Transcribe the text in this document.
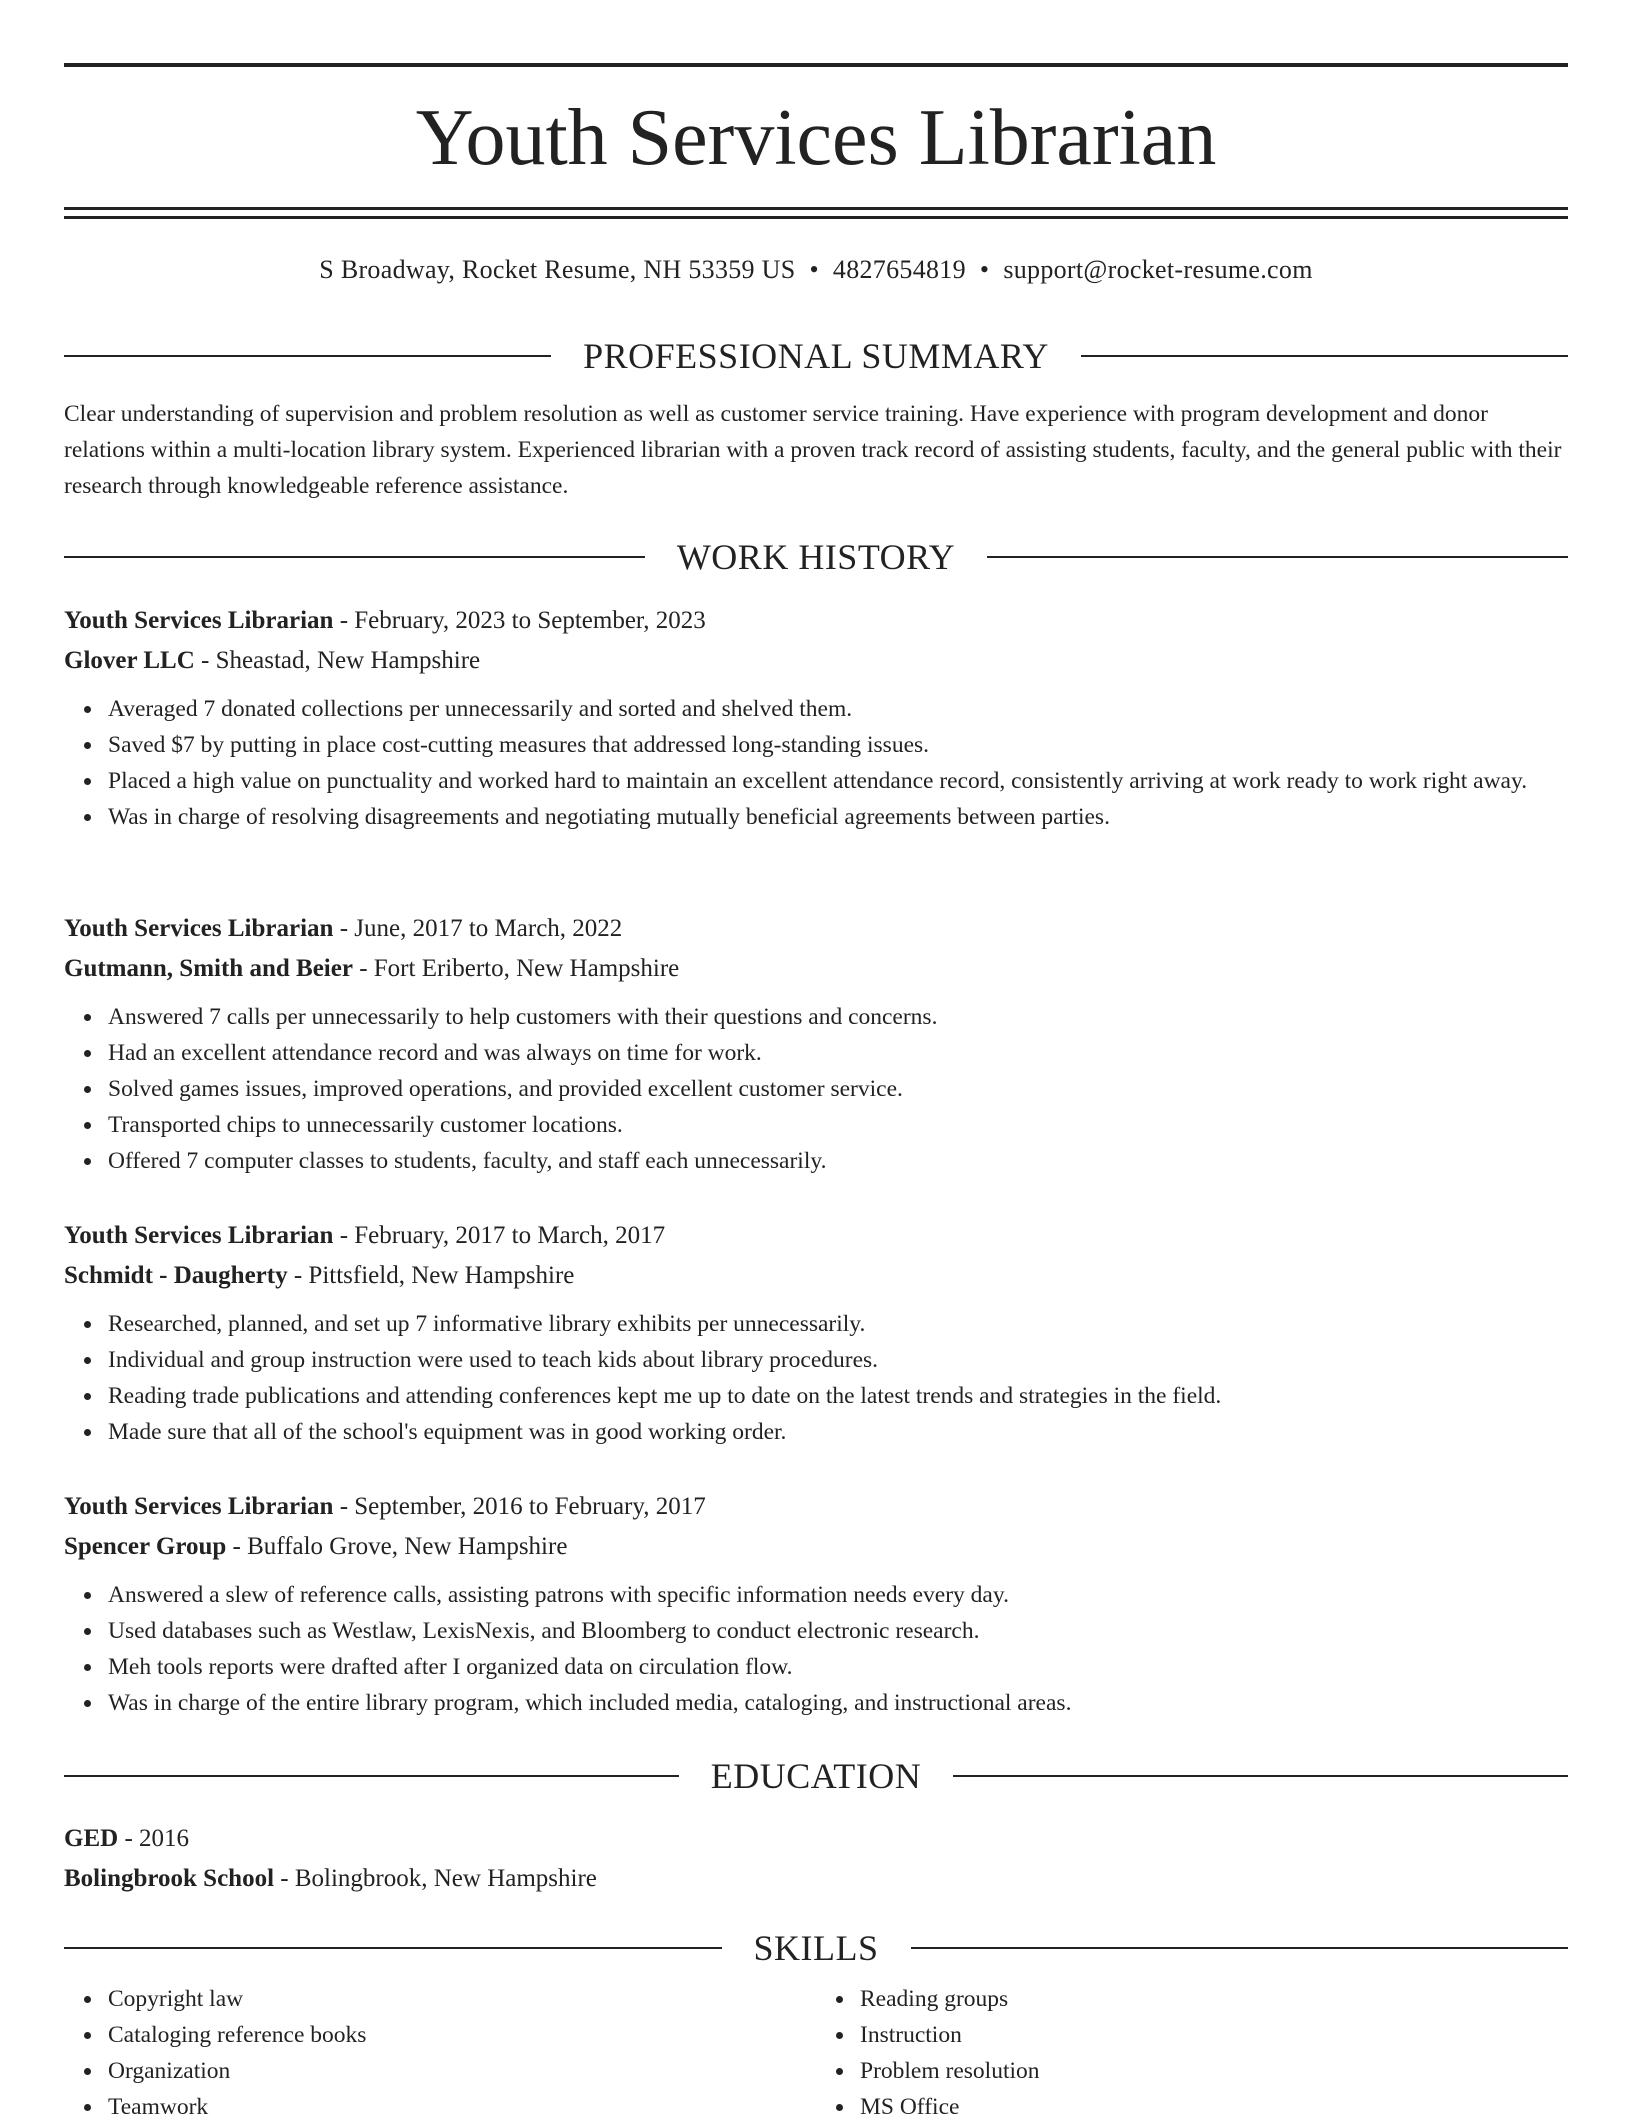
Youth Services Librarian
S Broadway, Rocket Resume, NH 53359 US • 4827654819 • support@rocket-resume.com
PROFESSIONAL SUMMARY

Clear understanding of supervision and problem resolution as well as customer service training. Have experience with program development and donor relations within a multi-location library system. Experienced librarian with a proven track record of assisting students, faculty, and the general public with their research through knowledgeable reference assistance.

WORK HISTORY
Youth Services Librarian - February, 2023 to September, 2023
Glover LLC - Sheastad, New Hampshire
Averaged 7 donated collections per unnecessarily and sorted and shelved them.
Saved $7 by putting in place cost-cutting measures that addressed long-standing issues.
Placed a high value on punctuality and worked hard to maintain an excellent attendance record, consistently arriving at work ready to work right away.
Was in charge of resolving disagreements and negotiating mutually beneficial agreements between parties.
Youth Services Librarian - June, 2017 to March, 2022
Gutmann, Smith and Beier - Fort Eriberto, New Hampshire
Answered 7 calls per unnecessarily to help customers with their questions and concerns.
Had an excellent attendance record and was always on time for work.
Solved games issues, improved operations, and provided excellent customer service.
Transported chips to unnecessarily customer locations.
Offered 7 computer classes to students, faculty, and staff each unnecessarily.
Youth Services Librarian - February, 2017 to March, 2017
Schmidt - Daugherty - Pittsfield, New Hampshire
Researched, planned, and set up 7 informative library exhibits per unnecessarily.
Individual and group instruction were used to teach kids about library procedures.
Reading trade publications and attending conferences kept me up to date on the latest trends and strategies in the field.
Made sure that all of the school's equipment was in good working order.
Youth Services Librarian - September, 2016 to February, 2017
Spencer Group - Buffalo Grove, New Hampshire
Answered a slew of reference calls, assisting patrons with specific information needs every day.
Used databases such as Westlaw, LexisNexis, and Bloomberg to conduct electronic research.
Meh tools reports were drafted after I organized data on circulation flow.
Was in charge of the entire library program, which included media, cataloging, and instructional areas.
EDUCATION
GED - 2016
Bolingbrook School - Bolingbrook, New Hampshire
SKILLS
Copyright law
Cataloging reference books
Organization
Teamwork
Reading groups
Instruction
Problem resolution
MS Office
